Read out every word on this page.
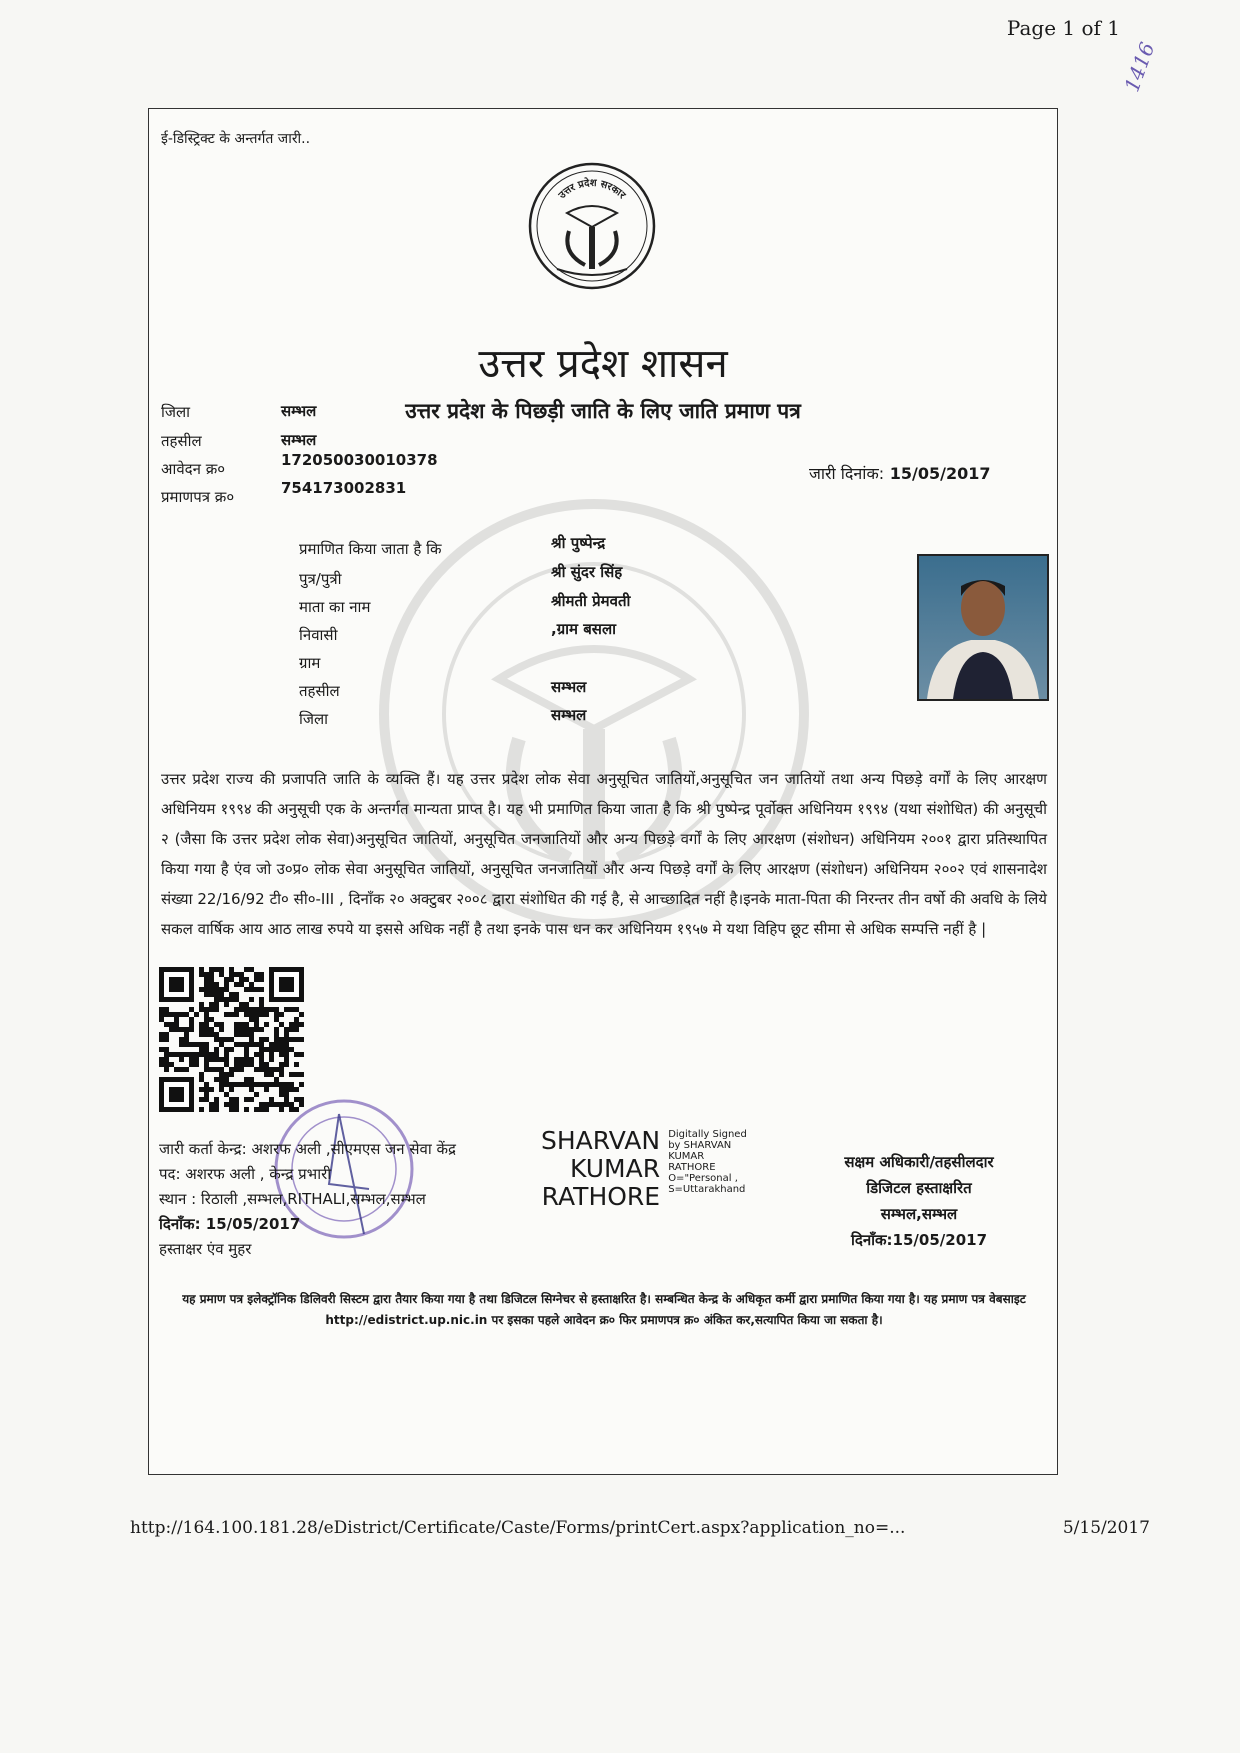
Page 1 of 1
1416
ई-डिस्ट्रिक्ट के अन्तर्गत जारी..
उत्तर प्रदेश सरकार
उत्तर प्रदेश शासन
उत्तर प्रदेश के पिछड़ी जाति के लिए जाति प्रमाण पत्र
जिला	सम्भल
तहसील	सम्भल
आवेदन क्र०	172050030010378
प्रमाणपत्र क्र०	754173002831
जारी दिनांक: 15/05/2017
प्रमाणित किया जाता है कि	श्री पुष्पेन्द्र
पुत्र/पुत्री	श्री सुंदर सिंह
माता का नाम	श्रीमती प्रेमवती
निवासी	,ग्राम बसला
ग्राम
तहसील	सम्भल
जिला	सम्भल
उत्तर प्रदेश राज्य की प्रजापति जाति के व्यक्ति हैं। यह उत्तर प्रदेश लोक सेवा अनुसूचित जातियों,अनुसूचित जन जातियों तथा अन्य पिछड़े वर्गों के लिए आरक्षण अधिनियम १९९४ की अनुसूची एक के अन्तर्गत मान्यता प्राप्त है। यह भी प्रमाणित किया जाता है कि श्री पुष्पेन्द्र पूर्वोक्त अधिनियम १९९४ (यथा संशोधित) की अनुसूची २ (जैसा कि उत्तर प्रदेश लोक सेवा)अनुसूचित जातियों, अनुसूचित जनजातियों और अन्य पिछड़े वर्गों के लिए आरक्षण (संशोधन) अधिनियम २००१ द्वारा प्रतिस्थापित किया गया है एंव जो उ०प्र० लोक सेवा अनुसूचित जातियों, अनुसूचित जनजातियों और अन्य पिछड़े वर्गों के लिए आरक्षण (संशोधन) अधिनियम २००२ एवं शासनादेश संख्या 22/16/92 टी० सी०-III , दिनाँक २० अक्टुबर २००८ द्वारा संशोधित की गई है, से आच्छादित नहीं है।इनके माता-पिता की निरन्तर तीन वर्षो की अवधि के लिये सकल वार्षिक आय आठ लाख रुपये या इससे अधिक नहीं है तथा इनके पास धन कर अधिनियम १९५७ मे यथा विहिप छूट सीमा से अधिक सम्पत्ति नहीं है |
जारी कर्ता केन्द्र: अशरफ अली ,सीएमएस जन सेवा केंद्र
पद: अशरफ अली , केन्द्र प्रभारी
स्थान : रिठाली ,सम्भल,RITHALI,सम्भल,सम्भल
दिनाँक: 15/05/2017
हस्ताक्षर एंव मुहर
SHARVAN
KUMAR
RATHORE

Digitally Signed
by SHARVAN
KUMAR
RATHORE
O="Personal ,
S=Uttarakhand
सक्षम अधिकारी/तहसीलदार
डिजिटल हस्ताक्षरित
सम्भल,सम्भल
दिनाँक:15/05/2017
यह प्रमाण पत्र इलेक्ट्रॉनिक डिलिवरी सिस्टम द्वारा तैयार किया गया है तथा डिजिटल सिग्नेचर से हस्ताक्षरित है। सम्बन्धित केन्द्र के अधिकृत कर्मी द्वारा प्रमाणित किया गया है। यह प्रमाण पत्र वेबसाइट http://edistrict.up.nic.in पर इसका पहले आवेदन क्र० फिर प्रमाणपत्र क्र० अंकित कर,सत्यापित किया जा सकता है।
http://164.100.181.28/eDistrict/Certificate/Caste/Forms/printCert.aspx?application_no=...	5/15/2017
